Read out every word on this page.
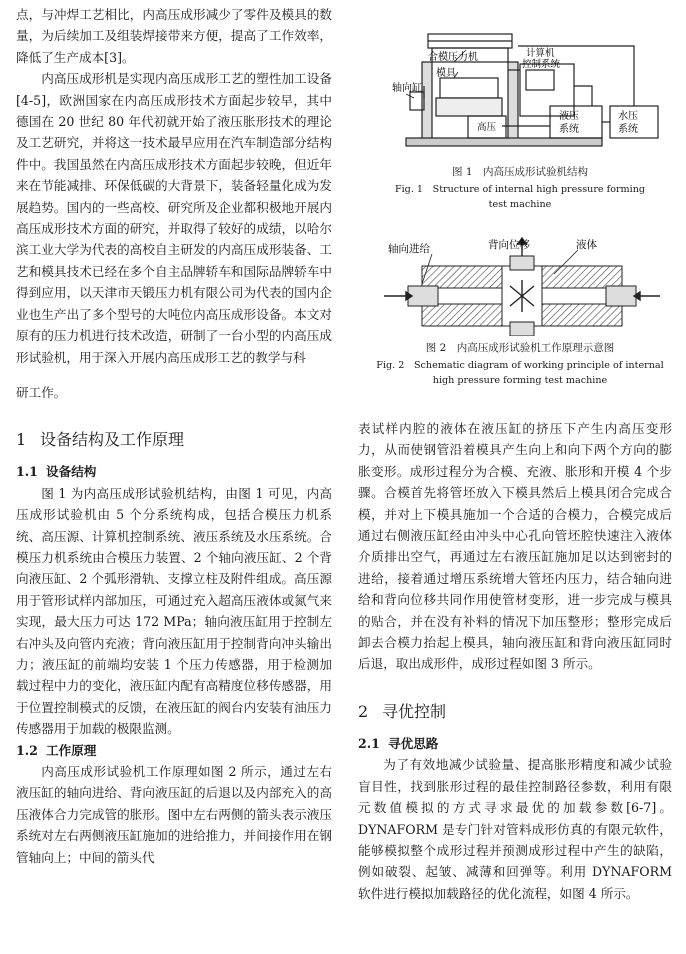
点，与冲焊工艺相比，内高压成形减少了零件及模具的数量，为后续加工及组装焊接带来方便，提高了工作效率，降低了生产成本[3]。

内高压成形机是实现内高压成形工艺的塑性加工设备[4-5]，欧洲国家在内高压成形技术方面起步较早，其中德国在 20 世纪 80 年代初就开始了液压胀形技术的理论及工艺研究，并将这一技术最早应用在汽车制造部分结构件中。我国虽然在内高压成形技术方面起步较晚，但近年来在节能减排、环保低碳的大背景下，装备轻量化成为发展趋势。国内的一些高校、研究所及企业都积极地开展内高压成形技术方面的研究，并取得了较好的成绩，以哈尔滨工业大学为代表的高校自主研发的内高压成形装备、工艺和模具技术已经在多个自主品牌轿车和国际品牌轿车中得到应用，以天津市天锻压力机有限公司为代表的国内企业也生产出了多个型号的大吨位内高压成形设备。本文对原有的压力机进行技术改造，研制了一台小型的内高压成形试验机，用于深入开展内高压成形工艺的教学与科

研工作。

1 设备结构及工作原理
1.1 设备结构

图 1 为内高压成形试验机结构，由图 1 可见，内高压成形试验机由 5 个分系统构成，包括合模压力机系统、高压源、计算机控制系统、液压系统及水压系统。合模压力机系统由合模压力装置、2 个轴向液压缸、2 个背向液压缸、2 个弧形滑轨、支撑立柱及附件组成。高压源用于管形试样内部加压，可通过充入超高压液体或氮气来实现，最大压力可达 172 MPa；轴向液压缸用于控制左右冲头及向管内充液；背向液压缸用于控制背向冲头输出力；液压缸的前端均安装 1 个压力传感器，用于检测加载过程中力的变化，液压缸内配有高精度位移传感器，用于位置控制模式的反馈，在液压缸的阀台内安装有油压力传感器用于加载的极限监测。

1.2 工作原理

内高压成形试验机工作原理如图 2 所示，通过左右液压缸的轴向进给、背向液压缸的后退以及内部充入的高压液体合力完成管的胀形。图中左右两侧的箭头表示液压系统对左右两侧液压缸施加的进给推力，并间接作用在钢管轴向上；中间的箭头代

合模压力机
模具
轴向缸
计算机
控制系统
高压
液压
系统
水压
系统
图 1　内高压成形试验机结构
Fig. 1　Structure of internal high pressure forming
test machine
轴向进给	背向位移	液体
图 2　内高压成形试验机工作原理示意图
Fig. 2　Schematic diagram of working principle of internal
high pressure forming test machine

表试样内腔的液体在液压缸的挤压下产生内高压变形力，从而使钢管沿着模具产生向上和向下两个方向的膨胀变形。成形过程分为合模、充液、胀形和开模 4 个步骤。合模首先将管坯放入下模具然后上模具闭合完成合模，并对上下模具施加一个合适的合模力，合模完成后通过右侧液压缸经由冲头中心孔向管坯腔快速注入液体介质排出空气，再通过左右液压缸施加足以达到密封的进给，接着通过增压系统增大管坯内压力，结合轴向进给和背向位移共同作用使管材变形，进一步完成与模具的贴合，并在没有补料的情况下加压整形；整形完成后卸去合模力抬起上模具，轴向液压缸和背向液压缸同时后退，取出成形件，成形过程如图 3 所示。

2 寻优控制
2.1 寻优思路

为了有效地减少试验量、提高胀形精度和减少试验盲目性，找到胀形过程的最佳控制路径参数，利用有限元数值模拟的方式寻求最优的加载参数[6-7]。DYNAFORM 是专门针对管料成形仿真的有限元软件，能够模拟整个成形过程并预测成形过程中产生的缺陷，例如破裂、起皱、减薄和回弹等。利用 DYNAFORM 软件进行模拟加载路径的优化流程，如图 4 所示。
